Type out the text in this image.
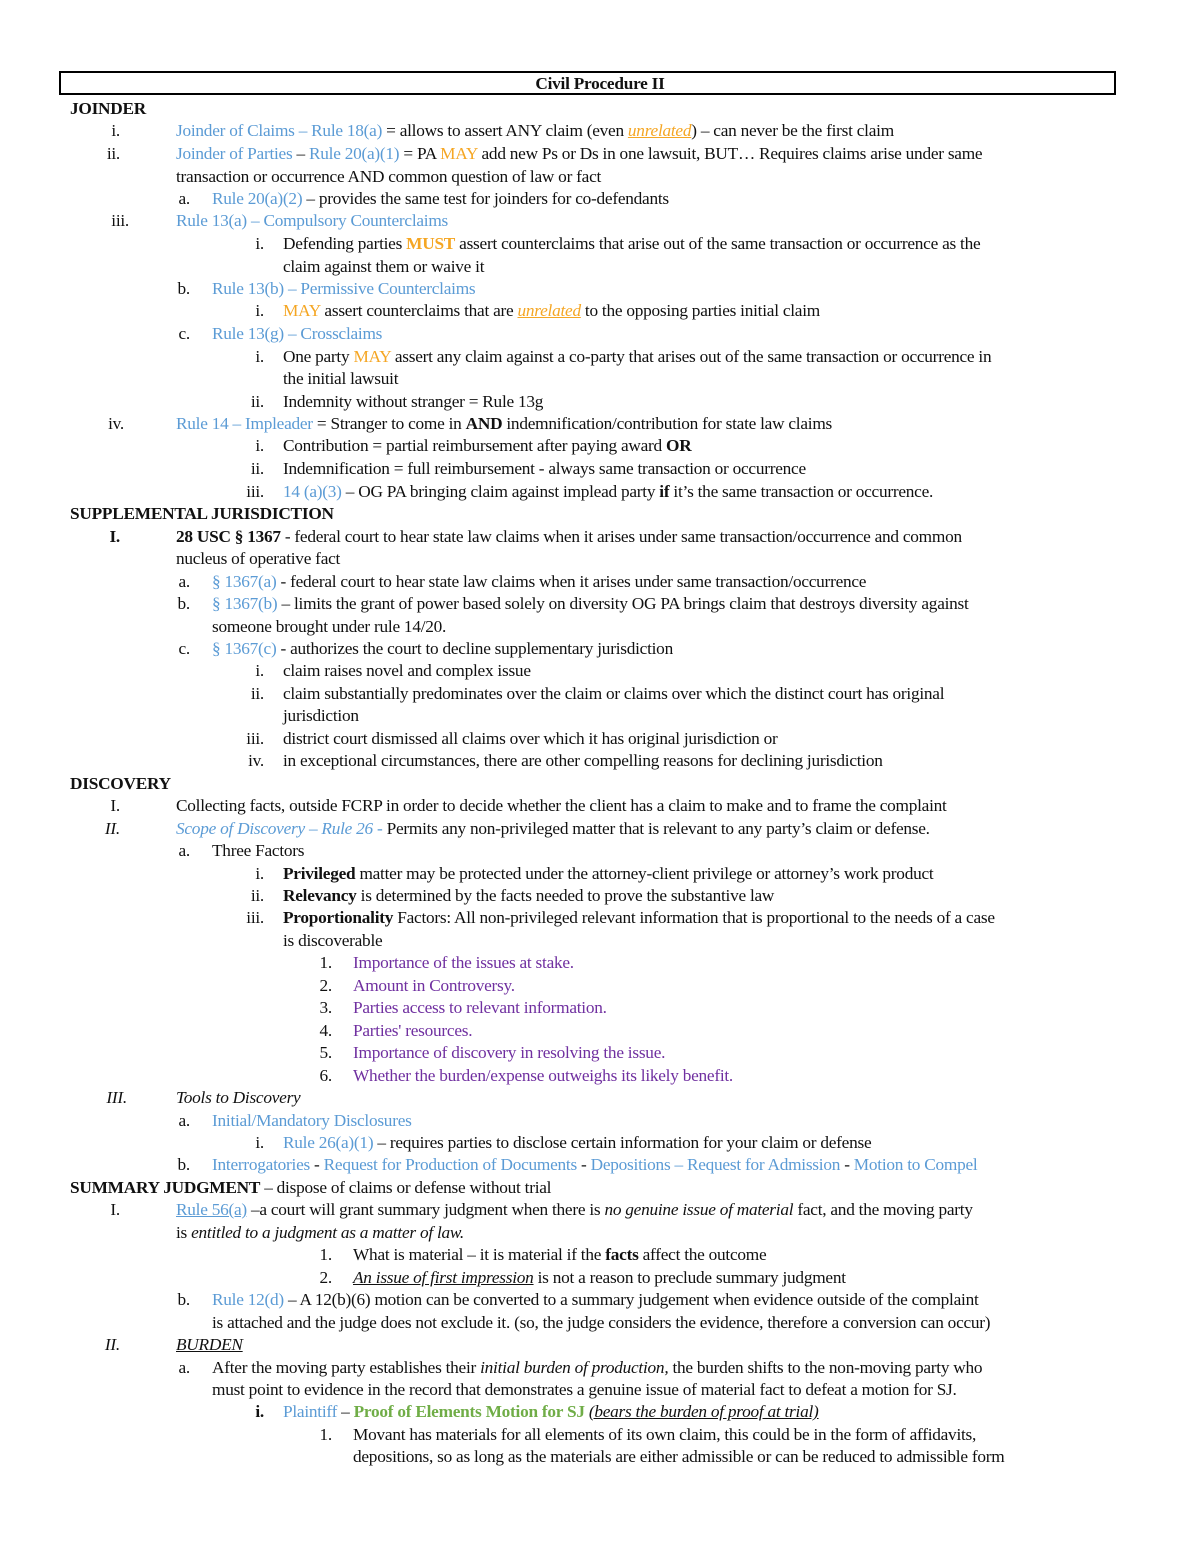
Civil Procedure II
JOINDER
i.	Joinder of Claims – Rule 18(a) = allows to assert ANY claim (even unrelated) – can never be the first claim
ii.	Joinder of Parties – Rule 20(a)(1) = PA MAY add new Ps or Ds in one lawsuit, BUT… Requires claims arise under same
transaction or occurrence AND common question of law or fact
a. Rule 20(a)(2) – provides the same test for joinders for co-defendants
iii.	Rule 13(a) – Compulsory Counterclaims
i. Defending parties MUST assert counterclaims that arise out of the same transaction or occurrence as the
claim against them or waive it
b. Rule 13(b) – Permissive Counterclaims
i. MAY assert counterclaims that are unrelated to the opposing parties initial claim
c. Rule 13(g) – Crossclaims
i. One party MAY assert any claim against a co-party that arises out of the same transaction or occurrence in
the initial lawsuit
ii. Indemnity without stranger = Rule 13g
iv.	Rule 14 – Impleader = Stranger to come in AND indemnification/contribution for state law claims
i. Contribution = partial reimbursement after paying award OR
ii. Indemnification = full reimbursement - always same transaction or occurrence
iii. 14 (a)(3) – OG PA bringing claim against implead party if it’s the same transaction or occurrence.
SUPPLEMENTAL JURISDICTION
I.	28 USC § 1367 - federal court to hear state law claims when it arises under same transaction/occurrence and common
nucleus of operative fact
a. § 1367(a) - federal court to hear state law claims when it arises under same transaction/occurrence
b. § 1367(b) – limits the grant of power based solely on diversity OG PA brings claim that destroys diversity against
someone brought under rule 14/20.
c. § 1367(c) - authorizes the court to decline supplementary jurisdiction
i. claim raises novel and complex issue
ii. claim substantially predominates over the claim or claims over which the distinct court has original
jurisdiction
iii. district court dismissed all claims over which it has original jurisdiction or
iv. in exceptional circumstances, there are other compelling reasons for declining jurisdiction
DISCOVERY
I.	Collecting facts, outside FCRP in order to decide whether the client has a claim to make and to frame the complaint
II.	Scope of Discovery – Rule 26 - Permits any non-privileged matter that is relevant to any party’s claim or defense.
a. Three Factors
i. Privileged matter may be protected under the attorney-client privilege or attorney’s work product
ii. Relevancy is determined by the facts needed to prove the substantive law
iii. Proportionality Factors: All non-privileged relevant information that is proportional to the needs of a case
is discoverable
1. Importance of the issues at stake.
2. Amount in Controversy.
3. Parties access to relevant information.
4. Parties' resources.
5. Importance of discovery in resolving the issue.
6. Whether the burden/expense outweighs its likely benefit.
III.	Tools to Discovery
a. Initial/Mandatory Disclosures
i. Rule 26(a)(1) – requires parties to disclose certain information for your claim or defense
b. Interrogatories - Request for Production of Documents - Depositions – Request for Admission - Motion to Compel
SUMMARY JUDGMENT – dispose of claims or defense without trial
I.	Rule 56(a) –a court will grant summary judgment when there is no genuine issue of material fact, and the moving party
is entitled to a judgment as a matter of law.
1. What is material – it is material if the facts affect the outcome
2. An issue of first impression is not a reason to preclude summary judgment
b. Rule 12(d) – A 12(b)(6) motion can be converted to a summary judgement when evidence outside of the complaint
is attached and the judge does not exclude it. (so, the judge considers the evidence, therefore a conversion can occur)
II.	BURDEN
a. After the moving party establishes their initial burden of production, the burden shifts to the non-moving party who
must point to evidence in the record that demonstrates a genuine issue of material fact to defeat a motion for SJ.
i. Plaintiff – Proof of Elements Motion for SJ (bears the burden of proof at trial)
1. Movant has materials for all elements of its own claim, this could be in the form of affidavits,
depositions, so as long as the materials are either admissible or can be reduced to admissible form
